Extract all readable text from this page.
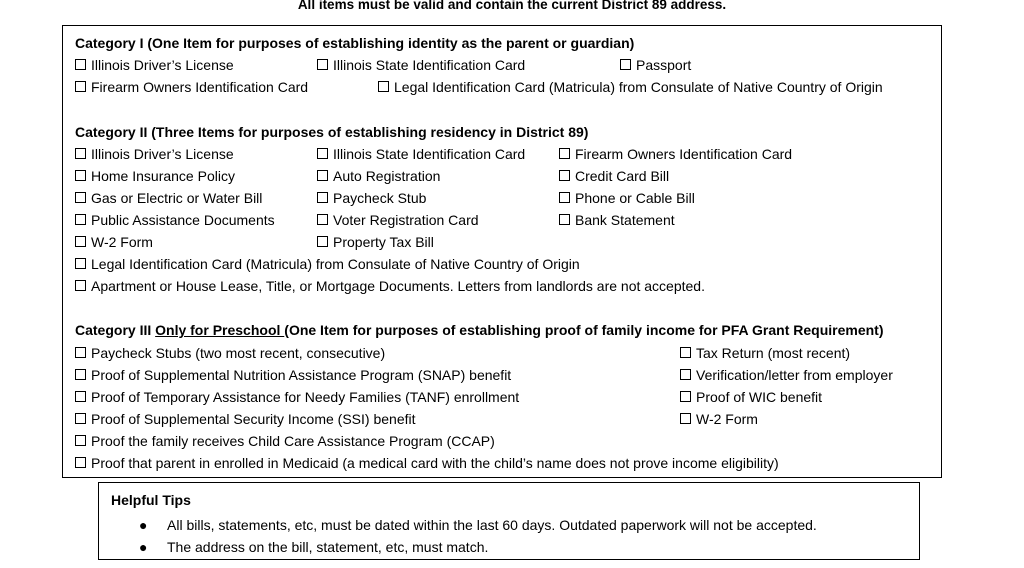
All items must be valid and contain the current District 89 address.
Category I (One Item for purposes of establishing identity as the parent or guardian)
Illinois Driver’s License	Illinois State Identification Card	Passport
Firearm Owners Identification Card	Legal Identification Card (Matricula) from Consulate of Native Country of Origin
Category II (Three Items for purposes of establishing residency in District 89)
Illinois Driver’s License	Illinois State Identification Card	Firearm Owners Identification Card
Home Insurance Policy	Auto Registration	Credit Card Bill
Gas or Electric or Water Bill	Paycheck Stub	Phone or Cable Bill
Public Assistance Documents	Voter Registration Card	Bank Statement
W-2 Form	Property Tax Bill
Legal Identification Card (Matricula) from Consulate of Native Country of Origin
Apartment or House Lease, Title, or Mortgage Documents. Letters from landlords are not accepted.
Category III Only for Preschool (One Item for purposes of establishing proof of family income for PFA Grant Requirement)
Paycheck Stubs (two most recent, consecutive)	Tax Return (most recent)
Proof of Supplemental Nutrition Assistance Program (SNAP) benefit	Verification/letter from employer
Proof of Temporary Assistance for Needy Families (TANF) enrollment	Proof of WIC benefit
Proof of Supplemental Security Income (SSI) benefit	W-2 Form
Proof the family receives Child Care Assistance Program (CCAP)
Proof that parent in enrolled in Medicaid (a medical card with the child’s name does not prove income eligibility)
Helpful Tips
● All bills, statements, etc, must be dated within the last 60 days. Outdated paperwork will not be accepted.
● The address on the bill, statement, etc, must match.
